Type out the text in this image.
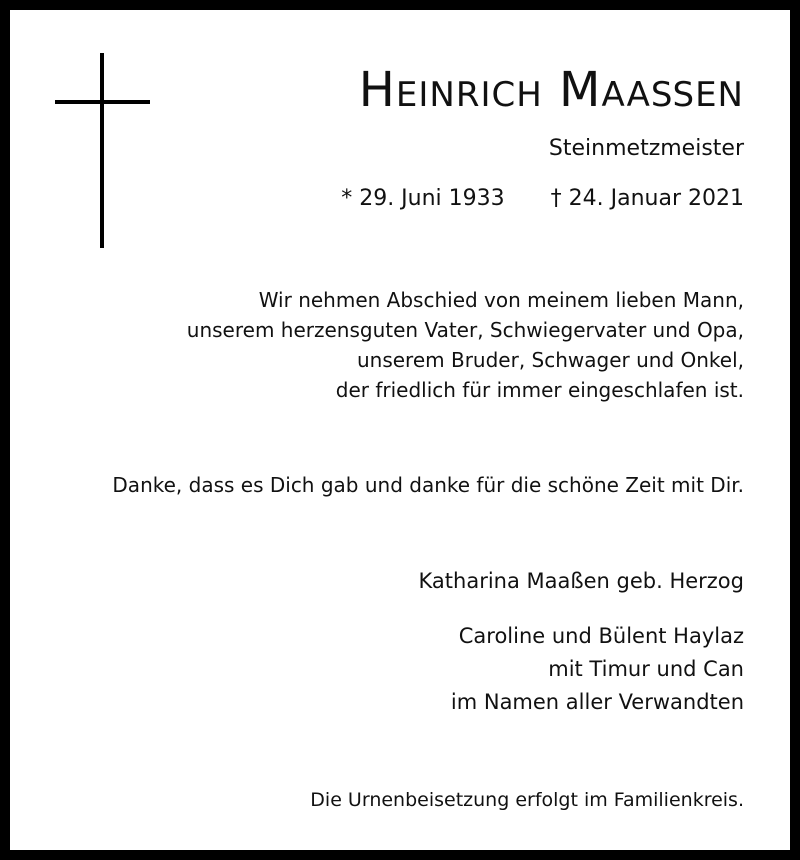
Heinrich Maaßen
Steinmetzmeister
* 29. Juni 1933 † 24. Januar 2021
Wir nehmen Abschied von meinem lieben Mann,
unserem herzensguten Vater, Schwiegervater und Opa,
unserem Bruder, Schwager und Onkel,
der friedlich für immer eingeschlafen ist.
Danke, dass es Dich gab und danke für die schöne Zeit mit Dir.
Katharina Maaßen geb. Herzog
Caroline und Bülent Haylaz
mit Timur und Can
im Namen aller Verwandten
Die Urnenbeisetzung erfolgt im Familienkreis.
